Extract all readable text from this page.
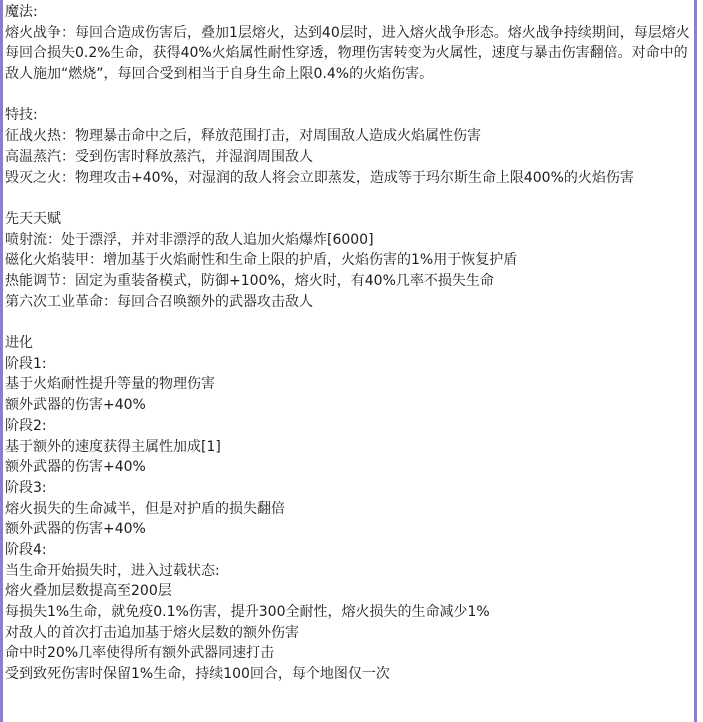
魔法:
熔火战争：每回合造成伤害后，叠加1层熔火，达到40层时，进入熔火战争形态。熔火战争持续期间，每层熔火每回合损失0.2%生命，获得40%火焰属性耐性穿透，物理伤害转变为火属性，速度与暴击伤害翻倍。对命中的敌人施加“燃烧”，每回合受到相当于自身生命上限0.4%的火焰伤害。
特技:
征战火热：物理暴击命中之后，释放范围打击，对周围敌人造成火焰属性伤害
高温蒸汽：受到伤害时释放蒸汽，并湿润周围敌人
毁灭之火：物理攻击+40%，对湿润的敌人将会立即蒸发，造成等于玛尔斯生命上限400%的火焰伤害
先天天赋
喷射流：处于漂浮，并对非漂浮的敌人追加火焰爆炸[6000]
磁化火焰装甲：增加基于火焰耐性和生命上限的护盾，火焰伤害的1%用于恢复护盾
热能调节：固定为重装备模式，防御+100%，熔火时，有40%几率不损失生命
第六次工业革命：每回合召唤额外的武器攻击敌人
进化
阶段1:
基于火焰耐性提升等量的物理伤害
额外武器的伤害+40%
阶段2:
基于额外的速度获得主属性加成[1]
额外武器的伤害+40%
阶段3:
熔火损失的生命减半，但是对护盾的损失翻倍
额外武器的伤害+40%
阶段4:
当生命开始损失时，进入过载状态:
熔火叠加层数提高至200层
每损失1%生命，就免疫0.1%伤害，提升300全耐性，熔火损失的生命减少1%
对敌人的首次打击追加基于熔火层数的额外伤害
命中时20%几率使得所有额外武器同速打击
受到致死伤害时保留1%生命，持续100回合，每个地图仅一次
